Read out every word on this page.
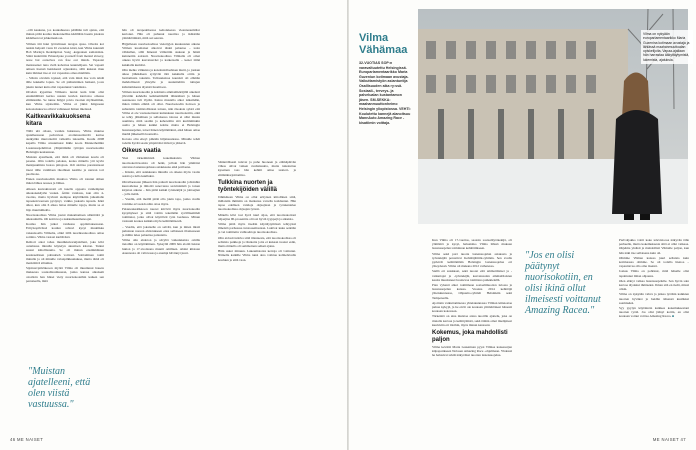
...Oli kaukana, jos koukahuessa päällään tuli ajatus, että minun pitää koulua mekonnellisa kädillään baasin jokaista kädelleen tai johkeinaaloon.

Vilman äiti haki työnviinsen teragaa ajaaa. Oiveita koi tenkin helpotti vasta Ui evendon kirsä, kun Vilma kuunteli Bob Marleyn Redemption Song -kappaleen samaloikia. Siinä lauletttiin: Emancipate yourself from mental slavery, none but ourselves can free our minds. Vapaatat mentaaaiset tuna vielä kohottua kuuntelijaan. Sai vapaatt amaan itsensä henkisestä orjuudesta, sillä kukaan muu kuin ihmiset itse ei voi vapauttaa omaa mieltään.

– Siltoin oivalsin toyksel, että vain minä itse voin tehdä tälle kakkelle lopun. Se oli päänsisäinen hetkeni, joota jaksin tunnet kuin olisi vapautunut vankilasta.

Oivelun kypsittua Vilmasta tuntui kuin häin olisi enuinmällistä kertua uusien kuvien kiertoloa omassa elämässään. Se tunne hälypi pavia vuorien myöhemmin, kun Vilma sijoitettiin. Vilma ei jäkisi häigaaaan kokonaisuuscsa oihvat vallaneeet häiren mielessä.

Kaitkeavikkakuoksena kitara

Tällä ulä oilaan, vaoikta lukiessaa, Vilma muutaa ajatelleessaan pedarvuan erottutuaatttavää kertaa aleikytäin murrotkoliti valkoilla lakouilla. Koulu 2008 kapalla Vilma ottauuttuaat ääkle kooia Mannerheimin Lastensuojeluliiton ylläpitämään tyttöjen nuorisokotiin Helsingin keskustaan.

Muistan ajatelleeni, että tämä oli viimeinen koulu oli paaana. Olin todella pelokas, koska minulla ytti kyvin mentpuumistu luotaa pittajoan. Odi aloittaa parantaxuasi itsesi tiille vanhilaan tikoilleen kesiltie ja uusvan tori puolisona.

Ennen nuoriuskodim muuttoa Vilma oli totunut siihen miten lähtee nousee ja lähtee.

Alkaan kauvaktavesti oli tuaella oppaata vanhempien aikokokekäytön vuoksi. Äitini vanttaus, kun olin 4-vuotias, mutta hyvinsti aiempaa käytöläktiin jaikamalle tapaakoisvaaraan pystynyt, vaikka joskasla tapasin. Isäni alkoi, kun olin 6 alkaa lattaa minulle rajoja, mutta se ei liijo muuttulikalla.

Nuorisokodissa Vilma joutui makamamaan sääntiöitä ja aikatauluilla. Oli koittava ja nukkumaanmenoajat.

Koulua hän jatkoi vanhassa oppilaitoksessaan. Erityisopilvässä koulun rehtori kysyi muuttikka vakauisoalla Vilmalta, olikö tällä nuoriksoskodissa omaa soitinta. Vilma vastasi kieltävästi.

Rehtori antoi tahaa muutikkuvarutjalalleni, joka kävi ostamassa minulle käytetyn akustisen kitaran. Tuntui suuret kiitollisuutta. Se oli minun ensimmäinen konkreettinen paltuutieh voittoni. Soittaminen toimi minulle ja oli minulle valonpilkkuakukaa, mutta tämä oli merkittävä siltumus.

Sijoitusvpäiväkoson myötä Vilma oli muuttunut haueta muksessa sosiaalitoumuuaan, jonka kanssa aikaisem oloalloin han hileet vieiy nuorisokoteihin kaiken sen perusteella, mitä

hän oli terapeuttisessa kehotukessa vieannaaumiltar kertonut. Hän oli puhunut nuoriisa ja ikäistään ymmärtämistä, mitä sai seurata.

Häjjallesen nuorisokodissa vietettyjen kuukausien aikana Vilman kuomaiset alkoivat tänkä palautaa – tosin vähitellen, sillä hänessä välitettiin aiakaan ja häntä kuinnetiin aatrauti. Nuorisokodissa Vilmalla oli omat oikeus hyvät kasvatusväet ja katkeraalla – kenet tämä kakkialla kumitsi.

Olin melko välkuista ja kokohulollaahtsen mutti, jo jonkun aikaa jälkikäteen syttyvää tätä kakkialla ottiin ja luottamusta takaisin. Tallosuksissa kaunisti oli elämän mahdollisesti yhteylle ja suunniteltiin tuttujen kiduttamisesta täysistä huomioon.

Vilman nuorisokodin ja kolmatta ammattikäräjillä oikeiteri jilvattiin kahdella kehmemmällä lähteäänsä ja hänen asenteessa tuli löytää. Kainu mustalla alkoi näkemään, miten tämän elämä oli ollut. Nuorisokodin hoitoon ja suhteisiin toimistollistaan toinen, niin rikoksia syistä että Vilma ei ole vastaanottanut kuitenkaan nuorisokotiin, eikä se tehty jälkiäinen ja sellaisessa talossa ei ollut muuta asumista, mitä saatiin ja kehotettiin sitä kurimminkin osalta ja hänen kaikki kolme mutta ei Helsingin lastensuojelun, toiset hänen käyttämänsä, eikä hänen omaa mieltä jälkeisellä luonnolla.

Kotona oliu etteyi pitkään hiljaisuudessa. Minulle tehdi todella hyvää saada ympäröitsi tärästi ja järkevä.

Oikeus vaatia

Yksi tärkeimmistä kokemuksista Vilman nuorisokotivuosista oli hetki, jolloin hän ymmärsi olevansa lastensuojelussa asiakkaana eikä potilaana.

– Kässin, että asiakkaana minulla on oikeus myös vaatia asioita ja tulla kuulluksi.

Ohvallaessaan jälkeen hän paluuli nuorisokodin jolloinhin kuuroidensa ja ilmoitti sanovansa saavinnäisiä ja toisen kirjaton aikana – hän pitää kaikki työntekijät ja johtaajien – jolla tietää.

– Vaadin, että meillä pitää olla jokin tapa, jonka avulla voimme arvosoida näin ottaa myös.

Palauteskaalikkoon nuoret kävivät myös nuorisokodin kysymykset ja siitä voitiin tekemään syvällisemmät toiminnat, jotka olivat käyttävät työn laadussa. Minun vastuuni koskee kaikkia myös kehittämisestä.

– Vaadin, että jokaiselle on selvää, kun ja miten mistä puhutaan nuoren ehdotukseen edes sellaiseen tilanteeseen ja mihin tulee palauttaa palautetta.

Vilma olin ehdoton ja sävyltä vaikutuksista omilla tietoihin on käyttäminen. Syksyllä 2009 hän aloitti lukion lukion ja 17-vuotiaana muutti omilleen. Alalut kiistaan Asunnosta oli valtavassa ja enempi hävinnyt juuri.

Säännöllisesti tulevat ja puhe huoneen ja elämäpäivän vilkas olivat vaiken avuliaisuutta, mutta tutustuttua kyseinen taas hän kehitti omaa teatteri- ja elämänharjoittamisa.

Tulkkina nuorten ja työntekijöiden välillä

Jälkikäteen Vilma on ollut erityisen kiitollinen siitä, millaisiin ihmisiin on matkansa varrella kohdannut. Hän tapaa edelleen vanhoja ohjaajiaan ja työskentelee nuorisokodissa ohjaajan työssä.

Minulla kävi tosi hyvä tuuri sijaa, että nuorisokotioni ohjaajina 90-prosenttia oli tosi hyviä tyyppejä ja aikuisia.

Vilma pitää myös itseään käyttäytymässä tehtyynsä ilmeistä parhaassa tuntoasemastaan. Lukivat kuka sentään ja vei toimitettu vaihtoehtoja nuorisokodissa.

Olin aidosti tutkiva siitä tilanteesta, että nuorisokodissa oli sellaisia paikkoja ja tilanteita joita ei kukaan tuonut esiin, mutta minulla oli semmoinen selkeä ajatus.

Häin uskoi minuun. Lukeumatonta kertoja oli voittunut. Näinelle kaikille Vilma tunsi aina voihtua kolmeluvulla kouluun ja siitä vaan.

"Muistan ajatelleeni, että olen viistä vastuussa."
46 ME NAISET
Vilma Vähämaa

32-VUOTIAS SOP:n varavaltuutettu Helsingissä. Europarlamentaarikko Maria Guzeniun kotimaan avustaja. Vaikuttamistyön asiantuntija Osallisuuden aika ry:ssä. Sosiaali-, terveys- ja palvelualan kustantamon jäsen. SM-SEKKA: maahanmuuttonheimo Helsingin yliopistossa. VEHTI: Koulutettu kannejä alanoitsuu MannAuto Amazing Race -kisatiimin voittaja.

Vilma on nykyään europarlamentaarikko Maria Guzenina kotimaan avustaja ja lähiässä maahanmuuttoalan opiskelijoita. Vapaa-ajallaan hän harrastaa ääkyttäytymistä, lukemista, ajatuksia.

Kun Vilma oli 17-vuotias, saatoin sosiaalityöntekijä, oli ylimäärä ja kysyi, haluaisiko Vilma lähteä mukaan lastensuojelun toiminnan kehittämiseen.

Vilma sekä puri nuoria lastensuojelun asiakasta ja työntekijää perustivat Kehittäjätiimi-ryhmän. Sen avulla pyrkivät kehittämään Helsingin lastensuojelua eri yhteydessä. Vilma oli mukana 2012 vaihetessa.

Siellä eri asiakkaat, sekä nuoret että ammattilaiset ja -vaikuttajat ja -työntekijät, kasvatusalan ammattilaisten kautta muuttaneet luontevaa toimintaa puhekielellä.

Pian vyhenti alkoi toimimaan sosiaalimuodon tulossa ja lastensuojelun kanssa. Vuonna 2014 kehittäjä yhteiskunnassa, Ohjaamo-ryhmät Helsinkiin sekä Tampereelle.

Ajoittain vaikuttamisessa yhteiskunnassa Vilman kiinnostaa puhua kykyjä, ja he eivät ole koskaan ymmärtäneet hänestä koskaan kokonaan.

Tärkeintä on aina muistaa antaa nuorille ajattelu, joka on rinnalla kasvua ja kehittymistä, sekä tämän omat mielipiteet kuuluviin eri tiloihin, myös minun kanssani.

Kokemus, joka mahdollisti paljon

Vilme kevättä Maria Guzeninan pyysi Vilmaa kansasarjan kilpaparikseen Nelosen Amazing Race -ohjelmaan. Yhdessä he halusivat tehdä näkyväksi nuorten lastensuojelua.

"Jos en olisi päätynyt nuorisokotiin, en olisi ikinä ollut ilmeisesti voittanut Amazing Racea."

Parivaljakko voitti koko televisioosa näkyvän tälle perheelle, mutta kokemuksesta siitä ei ollut vaikeaa. Ohjelma yhdisti ja mahdollisti Vilmalle paljon, kun hän näki itse sellaisena kuin oli.

Olimme Vilman kanssa juuri sellaisia kuin kotimaassa olimme. Se oli todella hienoa – vapauttavaa olla oma itsensä.

Joskus Vilma on pohtinut, mitä hänelle olisi tapahtunut ilman ohjausta.

Olen elänyt velkaa lastensuojelulle. Sen hyvin sain kasvaa täydeksi ihmiseksi. Ilman sitä en tiedä, missä olisin.

Vilma on nykyään vahva ja jatkaa työtään kaikkien nuorten hyväksi ja heidän äänensä kuulluksi saamiseksi.

Syy pyytyn käytännön kaikkea kokemuksestani nuorten työtä. Jos olisi jäänyt kotiin, en olisi koskaan voinut voittaa Amazing Racea. ■

ME NAISET 47
